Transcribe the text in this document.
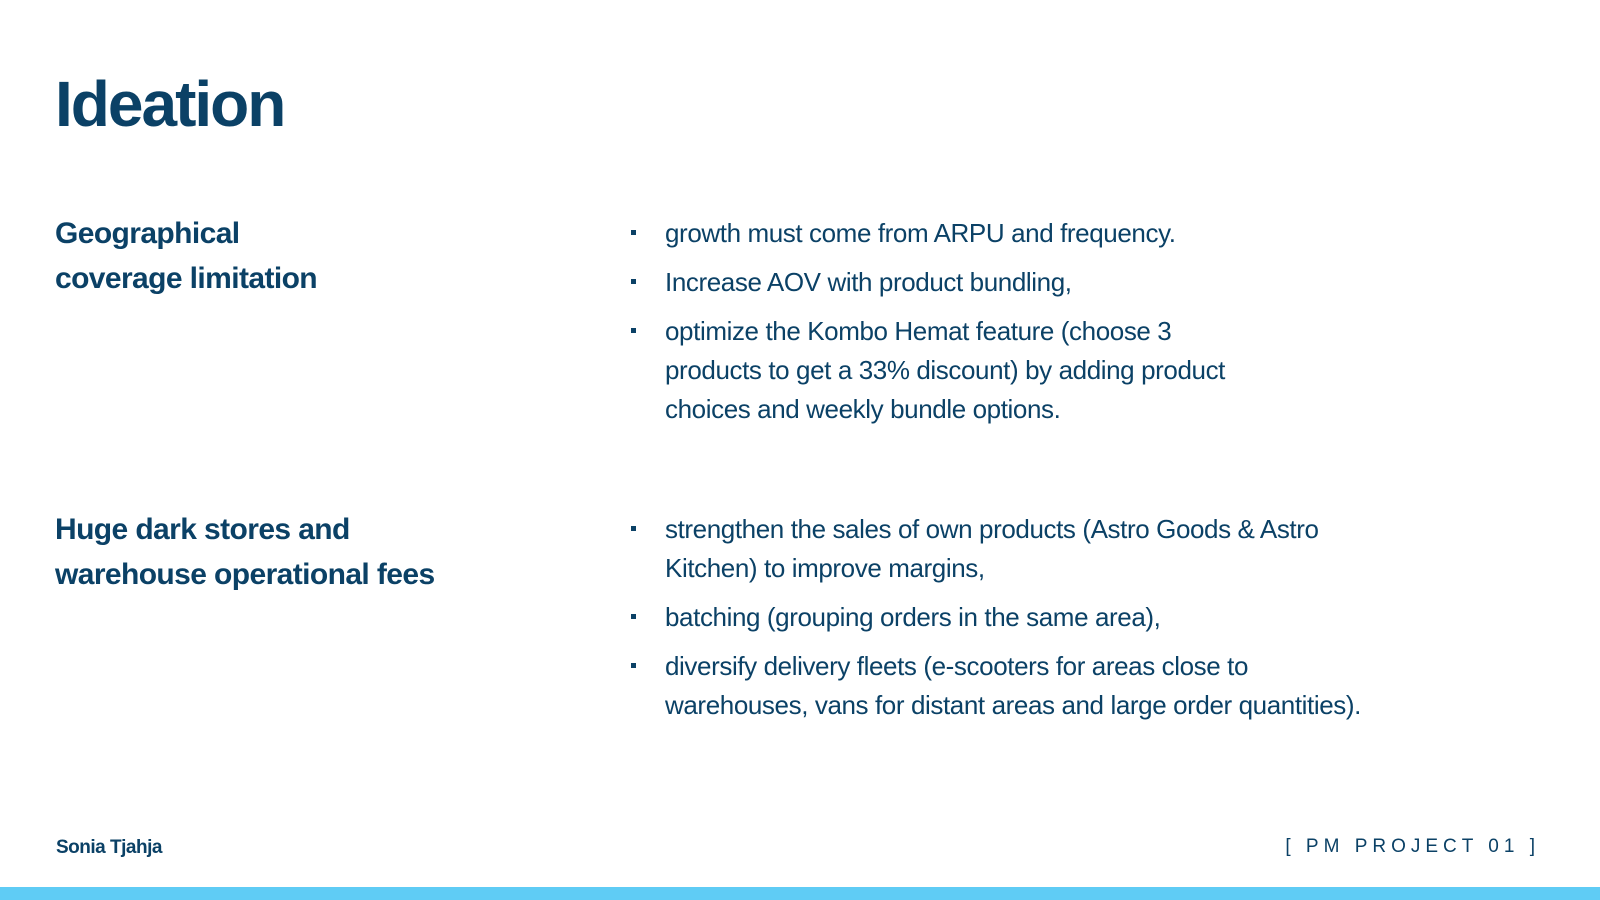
Ideation
Geographical
coverage limitation
growth must come from ARPU and frequency.
Increase AOV with product bundling,
optimize the Kombo Hemat feature (choose 3
products to get a 33% discount) by adding product
choices and weekly bundle options.
Huge dark stores and
warehouse operational fees
strengthen the sales of own products (Astro Goods & Astro
Kitchen) to improve margins,
batching (grouping orders in the same area),
diversify delivery fleets (e-scooters for areas close to
warehouses, vans for distant areas and large order quantities).
Sonia Tjahja	[ PM PROJECT 01 ]
